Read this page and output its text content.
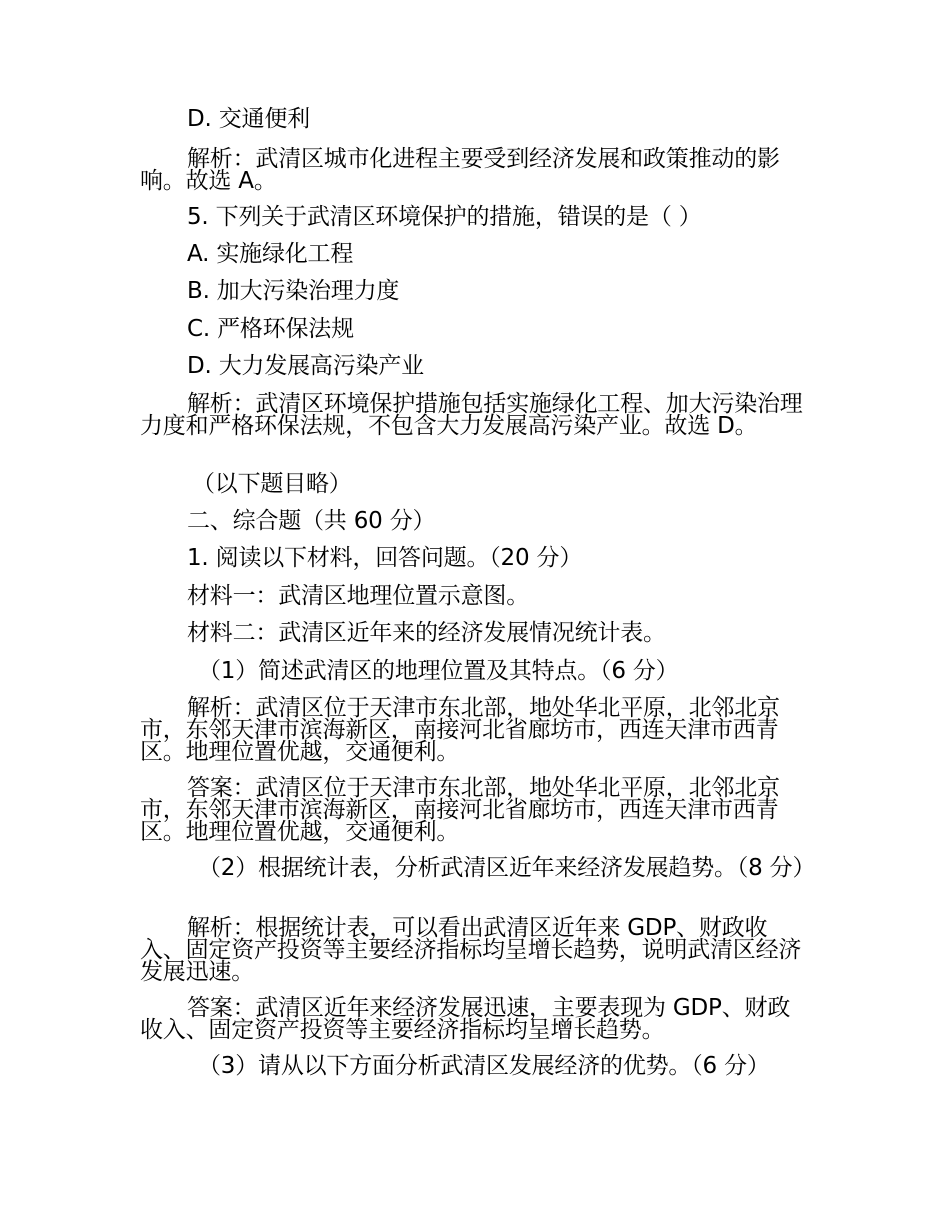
D. 交通便利

解析：武清区城市化进程主要受到经济发展和政策推动的影响。故选 A。

5. 下列关于武清区环境保护的措施，错误的是（ ）

A. 实施绿化工程

B. 加大污染治理力度

C. 严格环保法规

D. 大力发展高污染产业

解析：武清区环境保护措施包括实施绿化工程、加大污染治理力度和严格环保法规，不包含大力发展高污染产业。故选 D。

（以下题目略）

二、综合题（共 60 分）

1. 阅读以下材料，回答问题。（20 分）

材料一：武清区地理位置示意图。

材料二：武清区近年来的经济发展情况统计表。

（1）简述武清区的地理位置及其特点。（6 分）

解析：武清区位于天津市东北部，地处华北平原，北邻北京市，东邻天津市滨海新区，南接河北省廊坊市，西连天津市西青区。地理位置优越，交通便利。

答案：武清区位于天津市东北部，地处华北平原，北邻北京市，东邻天津市滨海新区，南接河北省廊坊市，西连天津市西青区。地理位置优越，交通便利。

（2）根据统计表，分析武清区近年来经济发展趋势。（8 分）

解析：根据统计表，可以看出武清区近年来 GDP、财政收入、固定资产投资等主要经济指标均呈增长趋势，说明武清区经济发展迅速。

答案：武清区近年来经济发展迅速，主要表现为 GDP、财政收入、固定资产投资等主要经济指标均呈增长趋势。

（3）请从以下方面分析武清区发展经济的优势。（6 分）
